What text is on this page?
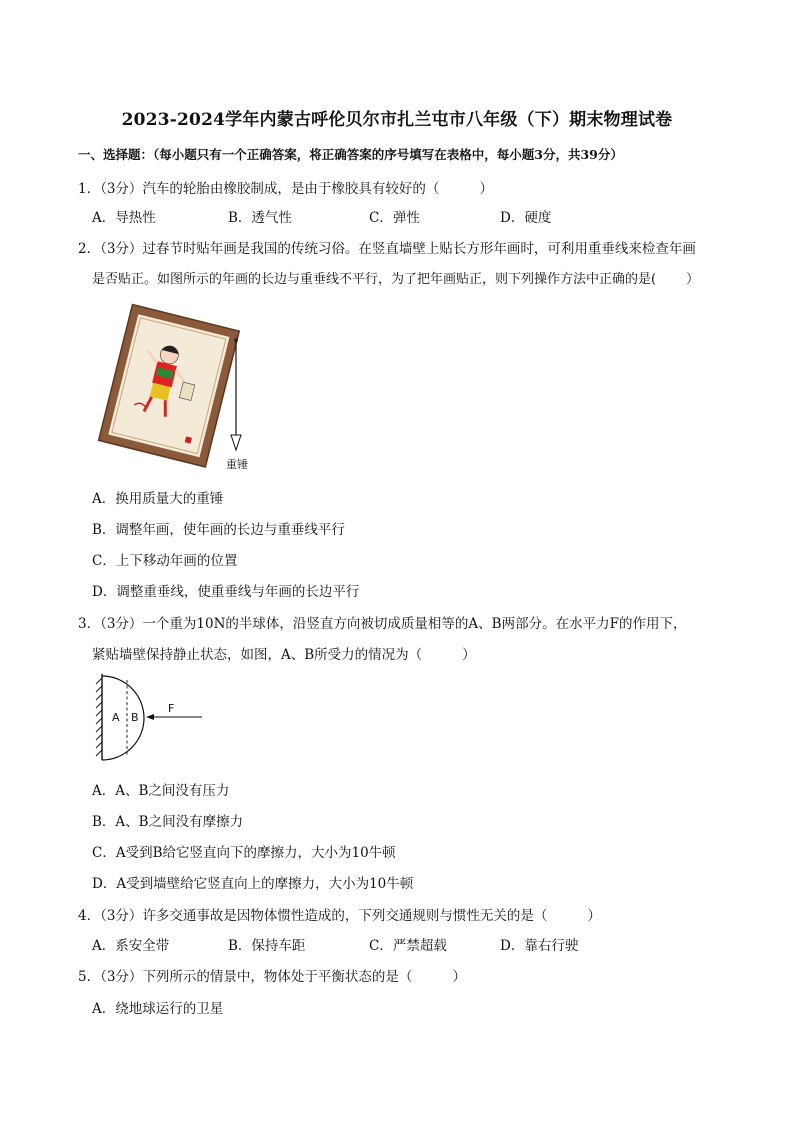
2023-2024学年内蒙古呼伦贝尔市扎兰屯市八年级（下）期末物理试卷
一、选择题：（每小题只有一个正确答案，将正确答案的序号填写在表格中，每小题3分，共39分）
1．（3分）汽车的轮胎由橡胶制成，是由于橡胶具有较好的（	）
A．导热性	B．透气性	C．弹性	D．硬度
2．（3分）过春节时贴年画是我国的传统习俗。在竖直墙壁上贴长方形年画时，可利用重垂线来检查年画
是否贴正。如图所示的年画的长边与重垂线不平行，为了把年画贴正，则下列操作方法中正确的是( ）
重锤
A．换用质量大的重锤
B．调整年画，使年画的长边与重垂线平行
C．上下移动年画的位置
D．调整重垂线，使重垂线与年画的长边平行
3．（3分）一个重为10N的半球体，沿竖直方向被切成质量相等的A、B两部分。在水平力F的作用下，
紧贴墙壁保持静止状态，如图，A、B所受力的情况为（	）
A B
F
A．A、B之间没有压力
B．A、B之间没有摩擦力
C．A受到B给它竖直向下的摩擦力，大小为10牛顿
D．A受到墙壁给它竖直向上的摩擦力，大小为10牛顿
4．（3分）许多交通事故是因物体惯性造成的，下列交通规则与惯性无关的是（	）
A．系安全带	B．保持车距	C．严禁超载	D．靠右行驶
5．（3分）下列所示的情景中，物体处于平衡状态的是（	）
A．绕地球运行的卫星
